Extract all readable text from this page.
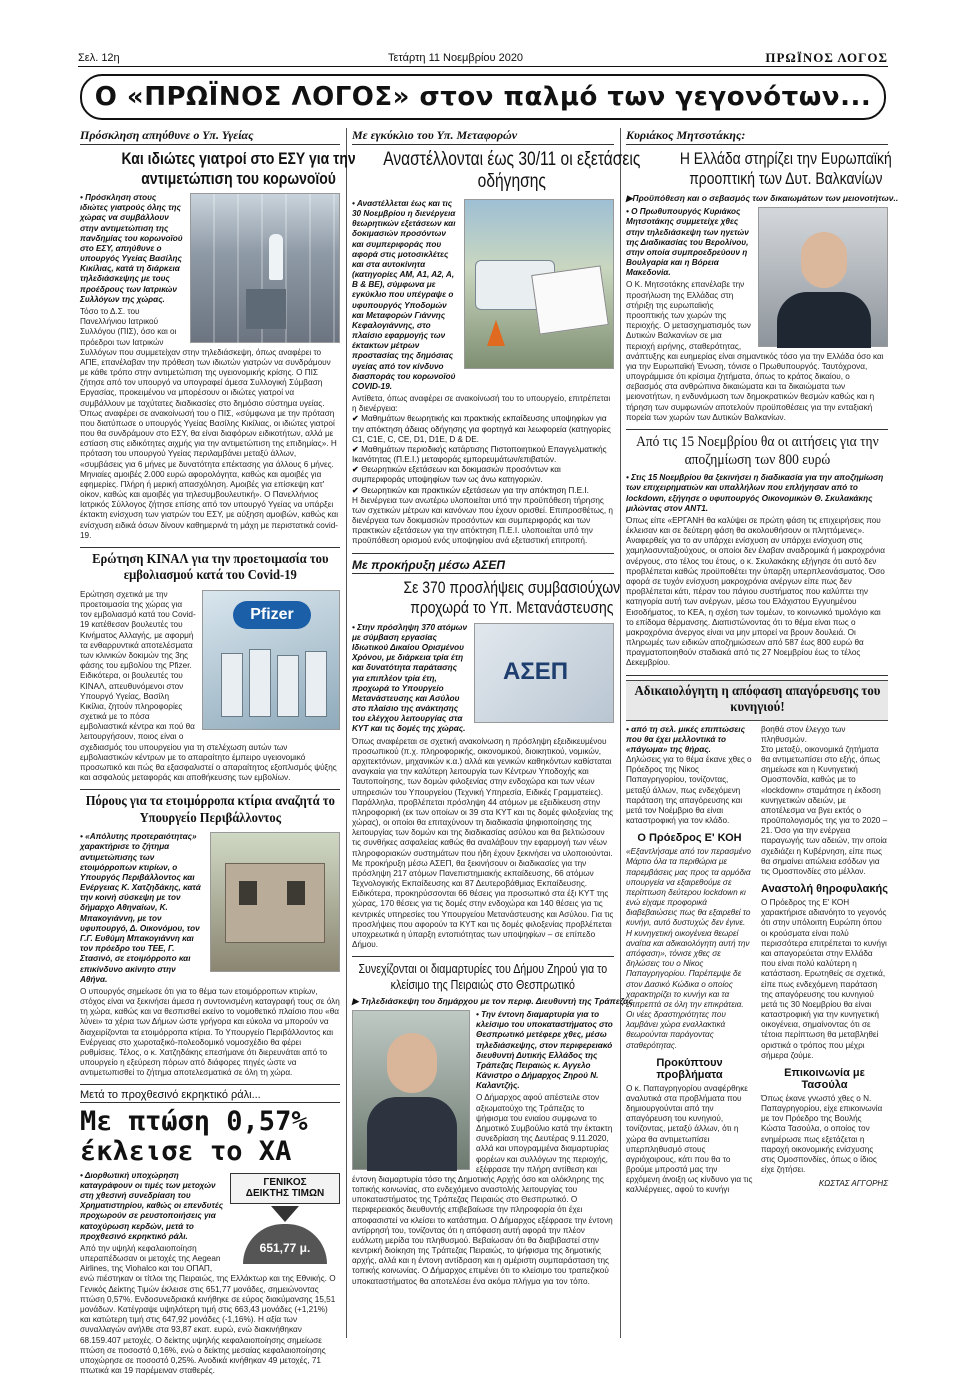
Σελ. 12η	Τετάρτη 11 Νοεμβρίου 2020	ΠΡΩΪΝΟΣ ΛΟΓΟΣ
Ο «ΠΡΩΪΝΟΣ ΛΟΓΟΣ» στον παλμό των γεγονότων...
Πρόσκληση απηύθυνε ο Υπ. Υγείας
Και ιδιώτες γιατροί στο ΕΣΥ για την αντιμετώπιση του κορωνοϊού
• Πρόσκληση στους ιδιώτες γιατρούς όλης της χώρας να συμβάλλουν στην αντιμετώπιση της πανδημίας του κορωνοϊού στο ΕΣΥ, απηύθυνε ο υπουργός Υγείας Βασίλης Κικίλιας, κατά τη διάρκεια τηλεδιάσκεψης με τους προέδρους των Ιατρικών Συλλόγων της χώρας.
Τόσο το Δ.Σ. του Πανελλήνιου Ιατρικού Συλλόγου (ΠΙΣ), όσο και οι πρόεδροι των Ιατρικών Συλλόγων που συμμετείχαν στην τηλεδιάσκεψη, όπως αναφέρει το ΑΠΕ, επανέλαβαν την πρόθεση των ιδιωτών γιατρών να συνδράμουν με κάθε τρόπο στην αντιμετώπιση της υγειονομικής κρίσης. Ο ΠΙΣ ζήτησε από τον υπουργό να υπογραφεί άμεσα Συλλογική Σύμβαση Εργασίας, προκειμένου να μπορέσουν οι ιδιώτες γιατροί να συμβάλλουν με ταχύτατες διαδικασίες στο δημόσιο σύστημα υγείας. Όπως αναφέρει σε ανακοίνωσή του ο ΠΙΣ, «σύμφωνα με την πρόταση που διατύπωσε ο υπουργός Υγείας Βασίλης Κικίλιας, οι ιδιώτες γιατροί που θα συνδράμουν στο ΕΣΥ, θα είναι διαφόρων ειδικοτήτων, αλλά με εστίαση στις ειδικότητες αιχμής για την αντιμετώπιση της επιδημίας». Η πρόταση του υπουργού Υγείας περιλαμβάνει μεταξύ άλλων, «συμβάσεις για 6 μήνες με δυνατότητα επέκτασης για άλλους 6 μήνες. Μηνιαίες αμοιβές 2.000 ευρώ αφορολόγητα, καθώς και αμοιβές για εφημερίες. Πλήρη ή μερική απασχόληση. Αμοιβές για επίσκεψη κατ' οίκον, καθώς και αμοιβές για τηλεσυμβουλευτική». Ο Πανελλήνιος Ιατρικός Σύλλογος ζήτησε επίσης από τον υπουργό Υγείας να υπάρξει έκτακτη ενίσχυση των γιατρών του ΕΣΥ, με αύξηση αμοιβών, καθώς και ενίσχυση ειδικά όσων δίνουν καθημερινά τη μάχη με περιστατικά covid-19.
Ερώτηση ΚΙΝΑΛ για την προετοιμασία του εμβολιασμού κατά του Covid-19
Pfizer
Ερώτηση σχετικά με την προετοιμασία της χώρας για τον εμβολιασμό κατά του Covid-19 κατέθεσαν βουλευτές του Κινήματος Αλλαγής, με αφορμή τα ενθαρρυντικά αποτελέσματα των κλινικών δοκιμών της 3ης φάσης του εμβολίου της Pfizer. Ειδικότερα, οι βουλευτές του ΚΙΝΑΛ, απευθυνόμενοι στον Υπουργό Υγείας, Βασίλη Κικίλια, ζητούν πληροφορίες σχετικά με το πόσα εμβολιαστικά κέντρα και πού θα λειτουργήσουν, ποιος είναι ο σχεδιασμός του υπουργείου για τη στελέχωση αυτών των εμβολιαστικών κέντρων με το απαραίτητο έμπειρο υγειονομικό προσωπικό και πώς θα εξασφαλιστεί ο απαραίτητος εξοπλισμός ψύξης και ασφαλούς μεταφοράς και αποθήκευσης των εμβολίων.
Πόρους για τα ετοιμόρροπα κτίρια αναζητά το Υπουργείο Περιβάλλοντος
• «Απόλυτης προτεραιότητας» χαρακτήρισε το ζήτημα αντιμετώπισης των ετοιμόρροπων κτιρίων, ο Υπουργός Περιβάλλοντος και Ενέργειας Κ. Χατζηδάκης, κατά την κοινή σύσκεψη με τον δήμαρχο Αθηναίων, Κ. Μπακογιάννη, με τον υφυπουργό, Δ. Οικονόμου, τον Γ.Γ. Ευθύμη Μπακογιάννη και τον πρόεδρο του ΤΕΕ, Γ. Στασινό, σε ετοιμόρροπο και επικίνδυνο ακίνητο στην Αθήνα.
Ο υπουργός σημείωσε ότι για το θέμα των ετοιμόρροπων κτιρίων, στόχος είναι να ξεκινήσει άμεσα η συντονισμένη καταγραφή τους σε όλη τη χώρα, καθώς και να θεσπισθεί εκείνο το νομοθετικό πλαίσιο που «θα λύνει» τα χέρια των Δήμων ώστε γρήγορα και εύκολα να μπορούν να διαχειρίζονται τα ετοιμόρροπα κτίρια. Το Υπουργείο Περιβάλλοντος και Ενέργειας στο χωροταξικό-πολεοδομικό νομοσχέδιο θα φέρει ρυθμίσεις. Τέλος, ο κ. Χατζηδάκης επεσήμανε ότι διερευνάται από το υπουργείο η εξεύρεση πόρων από διάφορες πηγές ώστε να αντιμετωπισθεί το ζήτημα αποτελεσματικά σε όλη τη χώρα.
Μετά το προχθεσινό εκρηκτικό ράλι...
Με πτώση 0,57% έκλεισε το ΧΑ
ΓΕΝΙΚΟΣ
ΔΕΙΚΤΗΣ ΤΙΜΩΝ
651,77 μ.
• Διορθωτική υποχώρηση καταγράφουν οι τιμές των μετοχών στη χθεσινή συνεδρίαση του Χρηματιστηρίου, καθώς οι επενδυτές προχωρούν σε ρευστοποιήσεις για κατοχύρωση κερδών, μετά το προχθεσινό εκρηκτικό ράλι.
Από την υψηλή κεφαλαιοποίηση υπεραπέδωσαν οι μετοχές της Aegean Airlines, της Viohalco και του ΟΠΑΠ, ενώ πιέστηκαν οι τίτλοι της Πειραιώς, της Ελλάκτωρ και της Εθνικής. Ο Γενικός Δείκτης Τιμών έκλεισε στις 651,77 μονάδες, σημειώνοντας πτώση 0,57%. Ενδοσυνεδριακά κινήθηκε σε εύρος διακύμανσης 15,51 μονάδων. Κατέγραψε υψηλότερη τιμή στις 663,43 μονάδες (+1,21%) και κατώτερη τιμή στις 647,92 μονάδες (-1,16%). Η αξία των συναλλαγών ανήλθε στα 93,87 εκατ. ευρώ, ενώ διακινήθηκαν 68.159.407 μετοχές. Ο δείκτης υψηλής κεφαλαιοποίησης σημείωσε πτώση σε ποσοστό 0,16%, ενώ ο δείκτης μεσαίας κεφαλαιοποίησης υποχώρησε σε ποσοστό 0,25%. Ανοδικά κινήθηκαν 49 μετοχές, 71 πτωτικά και 19 παρέμειναν σταθερές.
Με εγκύκλιο του Υπ. Μεταφορών
Αναστέλλονται έως 30/11 οι εξετάσεις οδήγησης
• Αναστέλλεται έως και τις 30 Νοεμβρίου η διενέργεια θεωρητικών εξετάσεων και δοκιμασιών προσόντων και συμπεριφοράς που αφορά στις μοτοσικλέτες και στα αυτοκίνητα (κατηγορίες ΑΜ, Α1, Α2, Α, Β & ΒΕ), σύμφωνα με εγκύκλιο που υπέγραψε ο υφυπουργός Υποδομών και Μεταφορών Γιάννης Κεφαλογιάννης, στο πλαίσιο εφαρμογής των έκτακτων μέτρων προστασίας της δημόσιας υγείας από τον κίνδυνο διασποράς του κορωνοϊού COVID-19.
Αντίθετα, όπως αναφέρει σε ανακοίνωσή του το υπουργείο, επιτρέπεται η διενέργεια:
✔ Μαθημάτων θεωρητικής και πρακτικής εκπαίδευσης υποψηφίων για την απόκτηση άδειας οδήγησης για φορτηγά και λεωφορεία (κατηγορίες C1, C1E, C, CE, D1, D1E, D & DE.
✔ Μαθημάτων περιοδικής κατάρτισης Πιστοποιητικού Επαγγελματικής Ικανότητας (Π.Ε.Ι.) μεταφοράς εμπορευμάτων/επιβατών.
✔ Θεωρητικών εξετάσεων και δοκιμασιών προσόντων και συμπεριφοράς υποψηφίων των ως άνω κατηγοριών.
✔ Θεωρητικών και πρακτικών εξετάσεων για την απόκτηση Π.Ε.Ι.
Η διενέργεια των ανωτέρω υλοποιείται υπό την προϋπόθεση τήρησης των σχετικών μέτρων και κανόνων που έχουν ορισθεί. Επιπροσθέτως, η διενέργεια των δοκιμασιών προσόντων και συμπεριφοράς και των πρακτικών εξετάσεων για την απόκτηση Π.Ε.Ι. υλοποιείται υπό την προϋπόθεση ορισμού ενός υποψηφίου ανά εξεταστική επιτροπή.
Με προκήρυξη μέσω ΑΣΕΠ
Σε 370 προσλήψεις συμβασιούχων προχωρά το Υπ. Μετανάστευσης
ΑΣΕΠ
• Στην πρόσληψη 370 ατόμων με σύμβαση εργασίας Ιδιωτικού Δικαίου Ορισμένου Χρόνου, με διάρκεια τρία έτη και δυνατότητα παράτασης για επιπλέον τρία έτη, προχωρά το Υπουργείο Μετανάστευσης και Ασύλου στο πλαίσιο της ανάκτησης του ελέγχου λειτουργίας στα ΚΥΤ και τις δομές της χώρας.
Όπως αναφέρεται σε σχετική ανακοίνωση η πρόσληψη εξειδικευμένου προσωπικού (π.χ. πληροφορικής, οικονομικού, διοικητικού, νομικών, αρχιτεκτόνων, μηχανικών κ.α.) αλλά και γενικών καθηκόντων καθίσταται αναγκαία για την καλύτερη λειτουργία των Κέντρων Υποδοχής και Ταυτοποίησης, των δομών φιλοξενίας στην ενδοχώρα και των νέων υπηρεσιών του Υπουργείου (Τεχνική Υπηρεσία, Ειδικές Γραμματείες). Παράλληλα, προβλέπεται πρόσληψη 44 ατόμων με εξειδίκευση στην πληροφορική (εκ των οποίων οι 39 στα ΚΥΤ και τις δομές φιλοξενίας της χώρας), οι οποίοι θα επιταχύνουν τη διαδικασία ψηφιοποίησης της λειτουργίας των δομών και της διαδικασίας ασύλου και θα βελτιώσουν τις συνθήκες ασφαλείας καθώς θα αναλάβουν την εφαρμογή των νέων πληροφοριακών συστημάτων που ήδη έχουν ξεκινήσει να υλοποιούνται. Με προκήρυξη μέσω ΑΣΕΠ, θα ξεκινήσουν οι διαδικασίες για την πρόσληψη 217 ατόμων Πανεπιστημιακής εκπαίδευσης, 66 ατόμων Τεχνολογικής Εκπαίδευσης και 87 Δευτεροβάθμιας Εκπαίδευσης. Ειδικότερα, προκηρύσσονται 66 θέσεις για προσωπικό στα έξι ΚΥΤ της χώρας, 170 θέσεις για τις δομές στην ενδοχώρα και 140 θέσεις για τις κεντρικές υπηρεσίες του Υπουργείου Μετανάστευσης και Ασύλου. Για τις προσλήψεις που αφορούν τα ΚΥΤ και τις δομές φιλοξενίας προβλέπεται υποχρεωτικά η ύπαρξη εντοπιότητας των υποψηφίων – σε επίπεδο Δήμου.
Συνεχίζονται οι διαμαρτυρίες του Δήμου Ζηρού για το κλείσιμο της Πειραιώς στο Θεσπρωτικό
▶ Τηλεδιάσκεψη του δημάρχου με τον περιφ. Διευθυντή της Τράπεζας
• Την έντονη διαμαρτυρία για το κλείσιμο του υποκαταστήματος στο Θεσπρωτικό μετέφερε χθες, μέσω τηλεδιάσκεψης, στον περιφερειακό διευθυντή Δυτικής Ελλάδος της Τράπεζας Πειραιώς κ. Αγγελο Κάνιστρο ο Δήμαρχος Ζηρού Ν. Καλαντζής.
Ο Δήμαρχος αφού απέστειλε στον αξιωματούχο της Τράπεζας το ψήφισμα του ενιαίου συμφωνα το Δημοτικό Συμβούλιο κατά την έκτακτη συνεδρίαση της Δευτέρας 9.11.2020, αλλά και υπογραμμένα διαμαρτυρίας φορέων και συλλόγων της περιοχής, εξέφρασε την πλήρη αντίθεση και έντονη διαμαρτυρία τόσο της Δημοτικής Αρχής όσο και ολόκληρης της τοπικής κοινωνίας, στο ενδεχόμενο αναστολής λειτουργίας του υποκαταστήματος της Τράπεζας Πειραιώς στο Θεσπρωτικό. Ο περιφερειακός διευθυντής επιβεβαίωσε την πληροφορία ότι έχει αποφασιστεί να κλείσει το κατάστημα. Ο Δήμαρχος εξέφρασε την έντονη αντίρρησή του, τονίζοντας ότι η απόφαση αυτή αφορά την πλέον ευάλωτη μερίδα του πληθυσμού. Βεβαίωσαν ότι θα διαβιβαστεί στην κεντρική διοίκηση της Τράπεζας Πειραιώς, το ψήφισμα της δημοτικής αρχής, αλλά και η έντονη αντίδραση και η αμέριστη συμπαράσταση της τοπικής κοινωνίας. Ο Δήμαρχος επιμένει ότι το κλείσιμο του τραπεζικού υποκαταστήματος θα αποτελέσει ένα ακόμα πλήγμα για τον τόπο.
Κυριάκος Μητσοτάκης:
Η Ελλάδα στηρίζει την Ευρωπαϊκή προοπτική των Δυτ. Βαλκανίων
▶Προϋπόθεση και ο σεβασμός των δικαιωμάτων των μειονοτήτων..
• Ο Πρωθυπουργός Κυριάκος Μητσοτάκης συμμετείχε χθες στην τηλεδιάσκεψη των ηγετών της Διαδικασίας του Βερολίνου, στην οποία συμπροεδρεύουν η Βουλγαρία και η Βόρεια Μακεδονία.
Ο Κ. Μητσοτάκης επανέλαβε την προσήλωση της Ελλάδας στη στήριξη της ευρωπαϊκής προοπτικής των χωρών της περιοχής. Ο μετασχηματισμός των Δυτικών Βαλκανίων σε μια περιοχή ειρήνης, σταθερότητας, ανάπτυξης και ευημερίας είναι σημαντικός τόσο για την Ελλάδα όσο και για την Ευρωπαϊκή Ένωση, τόνισε ο Πρωθυπουργός. Ταυτόχρονα, υπογράμμισε ότι κρίσιμα ζητήματα, όπως το κράτος δικαίου, ο σεβασμός στα ανθρώπινα δικαιώματα και τα δικαιώματα των μειονοτήτων, η ενδυνάμωση των δημοκρατικών θεσμών καθώς και η τήρηση των συμφωνιών αποτελούν προϋποθέσεις για την ενταξιακή πορεία των χωρών των Δυτικών Βαλκανίων.
Από τις 15 Νοεμβρίου θα οι αιτήσεις για την αποζημίωση των 800 ευρώ
• Στις 15 Νοεμβρίου θα ξεκινήσει η διαδικασία για την αποζημίωση των επιχειρηματιών και υπαλλήλων που επλήγησαν από το lockdown, εξήγησε ο υφυπουργός Οικονομικών Θ. Σκυλακάκης μιλώντας στον ΑΝΤ1.
Όπως είπε «ΕΡΓΑΝΗ θα καλύψει σε πρώτη φάση τις επιχειρήσεις που έκλεισαν και σε δεύτερη φάση θα ακολουθήσουν οι πληττόμενες». Αναφερθείς για το αν υπάρχει ενίσχυση αν υπάρχει ενίσχυση στις χαμηλοσυνταξιούχους, οι οποίοι δεν έλαβαν αναδρομικά ή μακροχρόνια ανέργους, στο τέλος του έτους, ο κ. Σκυλακάκης εξήγησε ότι αυτό δεν προβλέπεται καθώς προϋποθέτει την ύπαρξη υπερπλεονάσματος. Όσο αφορά σε τυχόν ενίσχυση μακροχρόνια ανέργων είπε πως δεν προβλέπεται κάτι, πέραν του πάγιου συστήματος που καλύπτει την κατηγορία αυτή των ανέργων, μέσω του Ελάχιστου Εγγυημένου Εισοδήματος, το ΚΕΑ, η σχέση των τομέων, το κοινωνικό τιμολόγιο και το επίδομα θέρμανσης. Διαπιστώνοντας ότι το θέμα είναι πως ο μακροχρόνια άνεργος είναι να μην μπορεί να βρουν δουλειά. Οι πληρωμές των ειδικών αποζημιώσεων από 587 έως 800 ευρώ θα πραγματοποιηθούν σταδιακά από τις 27 Νοεμβρίου έως το τέλος Δεκεμβρίου.
Αδικαιολόγητη η απόφαση απαγόρευσης του κυνηγιού!
• από τη σελ. μικές επιπτώσεις που θα έχει μελλοντικά το «πάγωμα» της θήρας.
Δηλώσεις για το θέμα έκανε χθες ο Πρόεδρος της Νίκος Παπαγρηγορίου, τονίζοντας, μεταξύ άλλων, πως ενδεχόμενη παράταση της απαγόρευσης και μετά τον Νοέμβριο θα είναι καταστροφική για τον κλάδο.
Ο Πρόεδρος Ε' ΚΟΗ
«Εξαντλήσαμε από τον περασμένο Μάρτιο όλα τα περιθώρια με παρεμβάσεις μας προς τα αρμόδια υπουργεία να εξαιρεθούμε σε περίπτωση δεύτερου lockdown κι ενώ είχαμε προφορικά διαβεβαιώσεις πως θα εξαιρεθεί το κυνήγι, αυτό δυστυχώς δεν έγινε. Η κυνηγετική οικογένεια θεωρεί αναίτια και αδικαιολόγητη αυτή την απόφαση», τόνισε χθες σε δηλώσεις του ο Νίκος Παπαγρηγορίου. Παρέπεμψε δε στον Δασικό Κώδικα ο οποίος χαρακτηρίζει το κυνήγι και τα επιτρεπτά σε όλη την επικράτεια. Οι νέες δραστηριότητες που λαμβάνει χώρα εναλλακτικά θεωρούνται παράγοντας σταθερότητας.
Προκύπτουν προβλήματα
Ο κ. Παπαγρηγορίου αναφέρθηκε αναλυτικά στα προβλήματα που δημιουργούνται από την απαγόρευση του κυνηγιού, τονίζοντας, μεταξύ άλλων, ότι η χώρα θα αντιμετωπίσει υπερπληθυσμό στους αγριόχοιρους, κάτι που θα το βρούμε μπροστά μας την ερχόμενη άνοιξη ως κίνδυνο για τις καλλιέργειες, αφού το κυνήγι βοηθά στον έλεγχο των πληθυσμών.
Στο μεταξύ, οικονομικά ζητήματα θα αντιμετωπίσει στο εξής, όπως σημείωσε και η Κυνηγετική Ομοσπονδία, καθώς με το «lockdown» σταμάτησε η έκδοση κυνηγετικών αδειών, με αποτέλεσμα να βγει εκτός ο προϋπολογισμός της για το 2020 – 21. Όσο για την ενέργεια παραγωγής των αδειών, την οποία σχεδιάζει η Κυβέρνηση, είπε πως θα σημαίνει απώλεια εσόδων για τις Ομοσπονδίες στο μέλλον.
Αναστολή θηροφυλακής
Ο Πρόεδρος της Ε' ΚΟΗ χαρακτήρισε αδιανόητο το γεγονός ότι στην υπόλοιπη Ευρώπη όπου οι κρούσματα είναι πολύ περισσότερα επιτρέπεται το κυνήγι και απαγορεύεται στην Ελλάδα που είναι πολύ καλύτερη η κατάσταση. Ερωτηθείς σε σχετικά, είπε πως ενδεχόμενη παράταση της απαγόρευσης του κυνηγιού μετά τις 30 Νοεμβρίου θα είναι καταστροφική για την κυνηγετική οικογένεια, σημαίνοντας ότι σε τέτοια περίπτωση θα μεταβληθεί οριστικά ο τρόπος που μέχρι σήμερα ζούμε.
Επικοινωνία με Τασούλα
Όπως έκανε γνωστό χθες ο Ν. Παπαγρηγορίου, είχε επικοινωνία με τον Πρόεδρο της Βουλής Κώστα Τασούλα, ο οποίος τον ενημέρωσε πως εξετάζεται η παροχή οικονομικής ενίσχυσης στις Ομοσπονδίες, όπως ο ίδιος είχε ζητήσει.
ΚΩΣΤΑΣ ΑΓΓΟΡΗΣ
